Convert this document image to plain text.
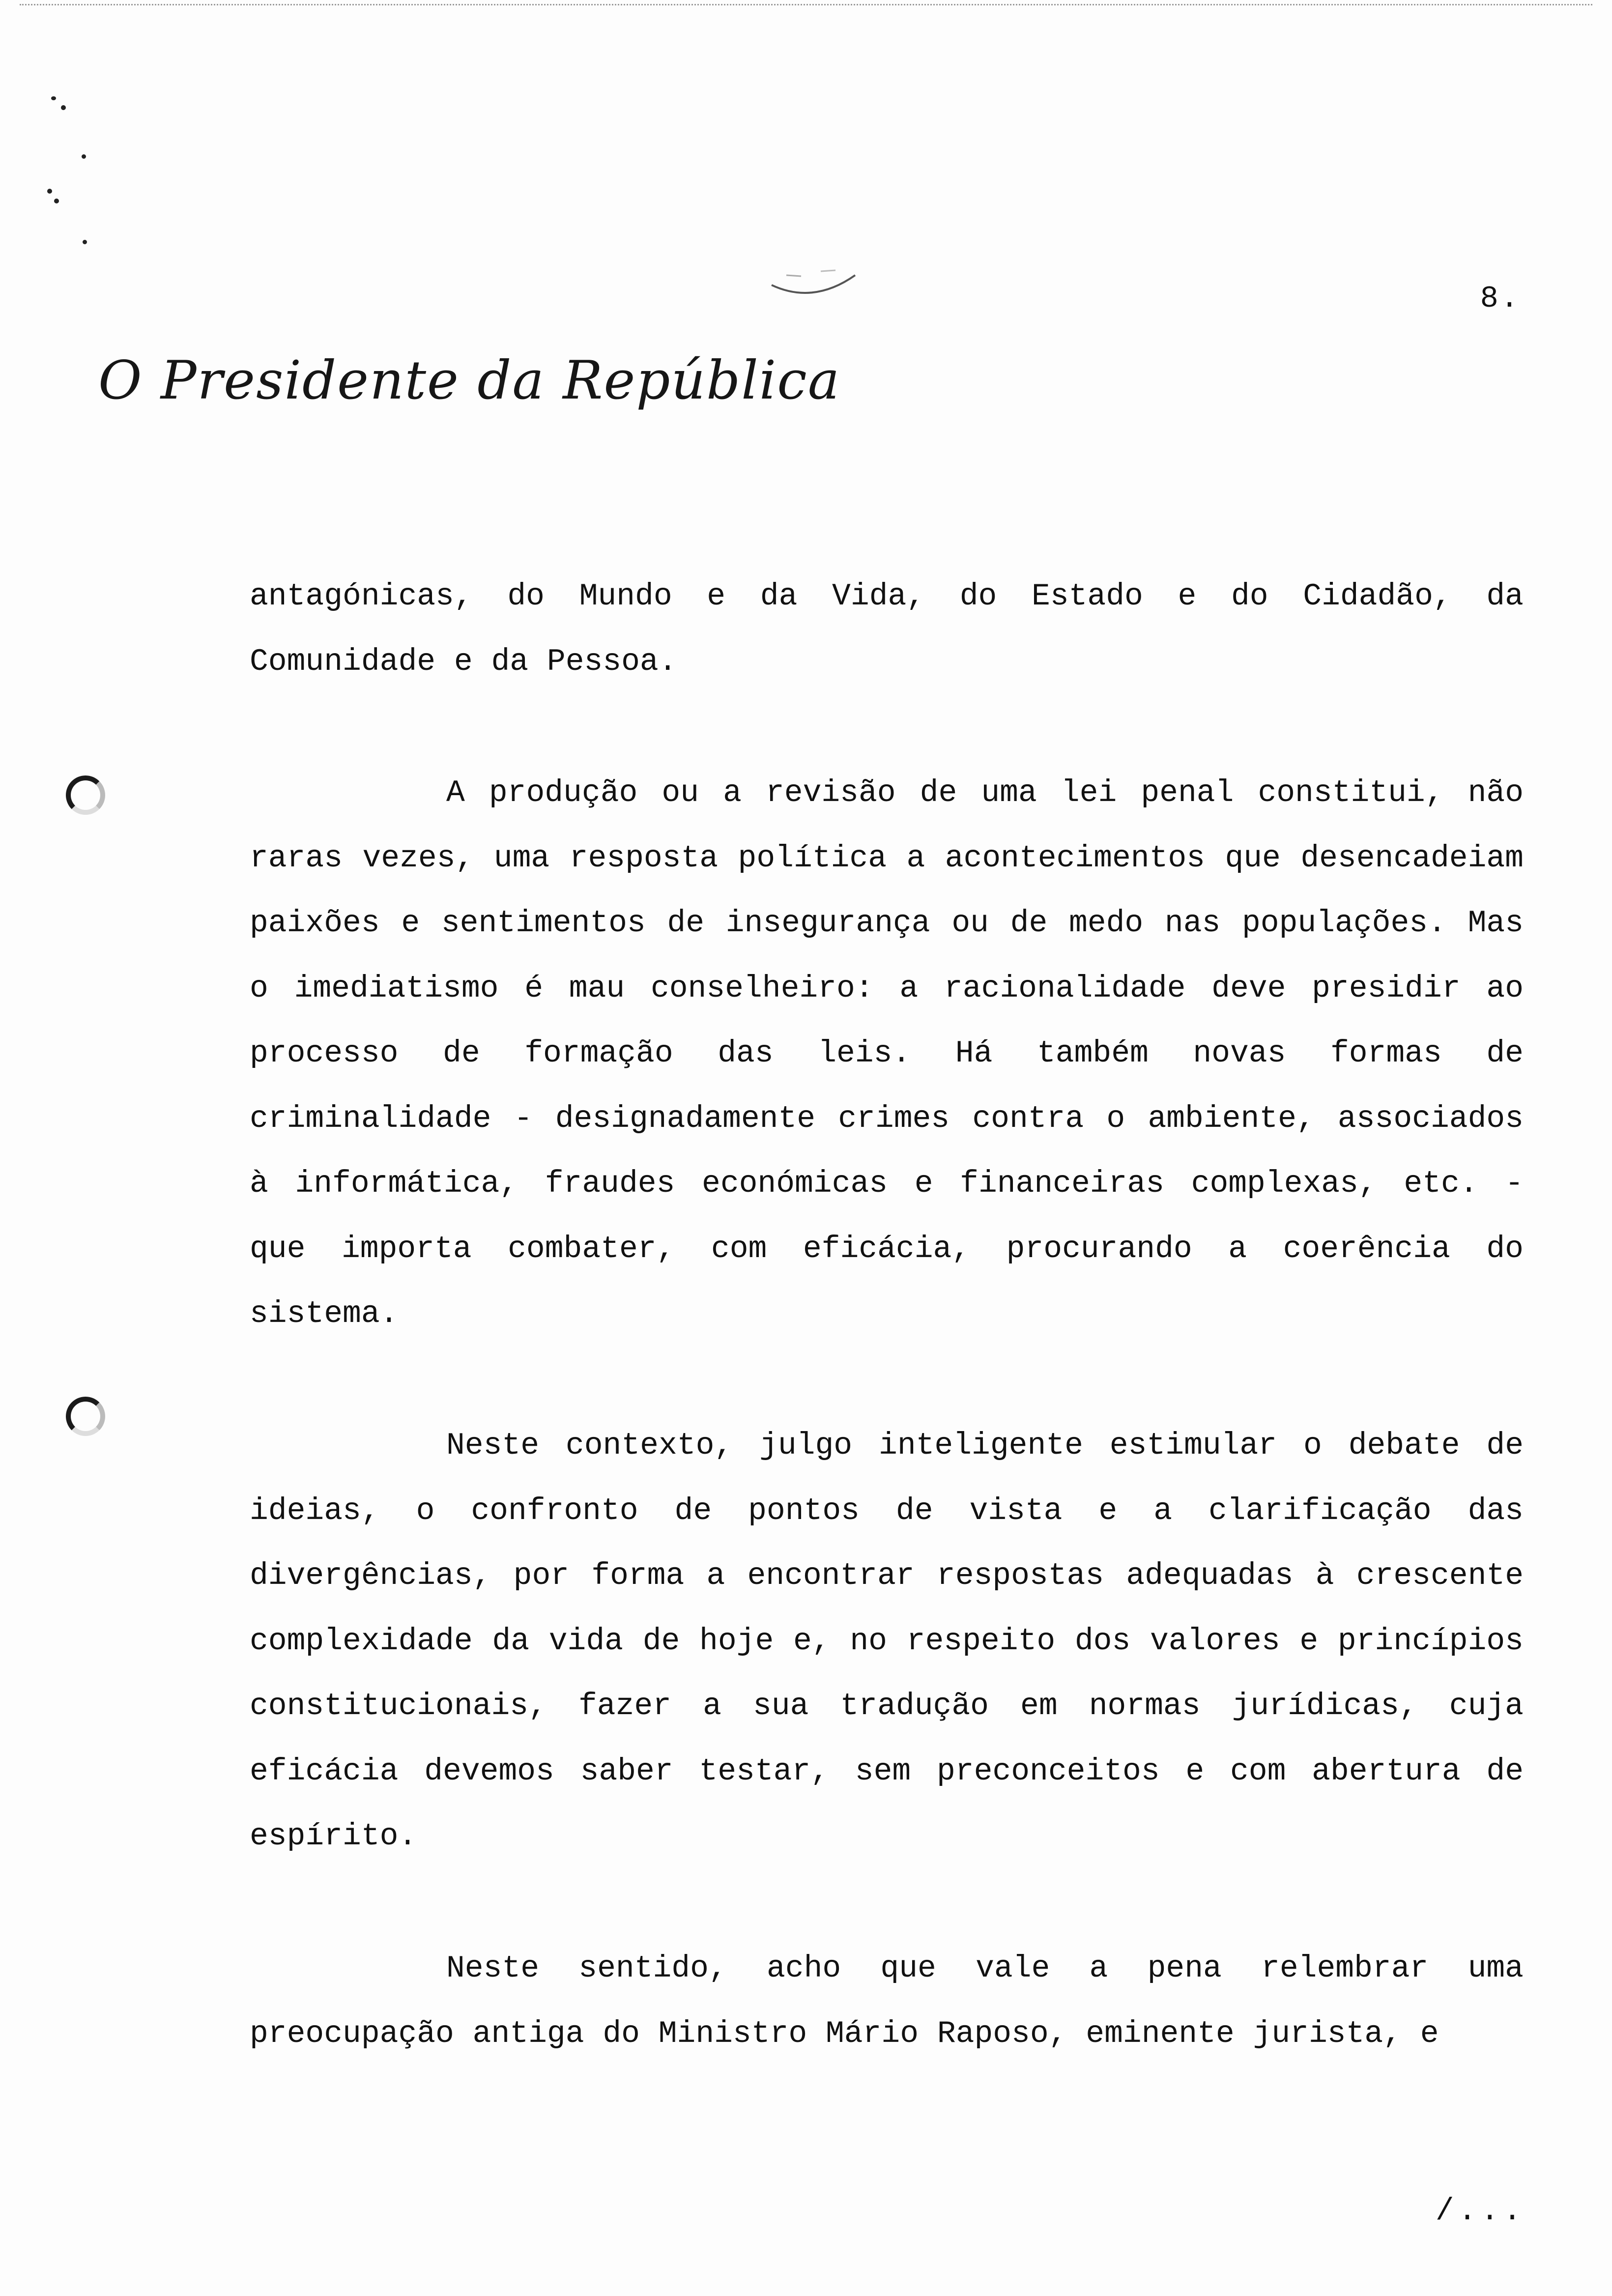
8.
O Presidente da República

antagónicas, do Mundo e da Vida, do Estado e do Cidadão, da Comunidade e da Pessoa.

A produção ou a revisão de uma lei penal constitui, não raras vezes, uma resposta política a acontecimentos que desencadeiam paixões e sentimentos de insegurança ou de medo nas populações. Mas o imediatismo é mau conselheiro: a racionalidade deve presidir ao processo de formação das leis. Há também novas formas de criminalidade - designadamente crimes contra o ambiente, associados à informática, fraudes económicas e financeiras complexas, etc. - que importa combater, com eficácia, procurando a coerência do sistema.

Neste contexto, julgo inteligente estimular o debate de ideias, o confronto de pontos de vista e a clarificação das divergências, por forma a encontrar respostas adequadas à crescente complexidade da vida de hoje e, no respeito dos valores e princípios constitucionais, fazer a sua tradução em normas jurídicas, cuja eficácia devemos saber testar, sem preconceitos e com abertura de espírito.

Neste sentido, acho que vale a pena relembrar uma preocupação antiga do Ministro Mário Raposo, eminente jurista, e

/...
